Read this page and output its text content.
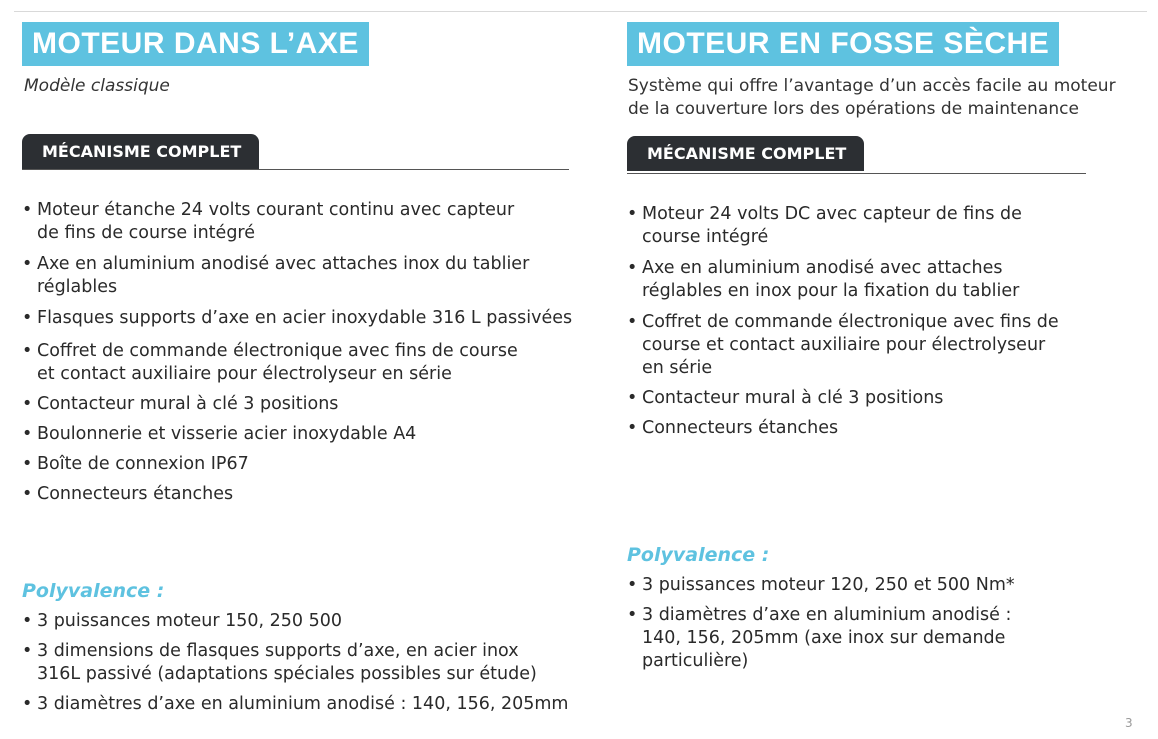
MOTEUR DANS L’AXE
Modèle classique
MÉCANISME COMPLET
• Moteur étanche 24 volts courant continu avec capteur
de fins de course intégré
• Axe en aluminium anodisé avec attaches inox du tablier
réglables
• Flasques supports d’axe en acier inoxydable 316 L passivées
• Coffret de commande électronique avec fins de course
et contact auxiliaire pour électrolyseur en série
• Contacteur mural à clé 3 positions
• Boulonnerie et visserie acier inoxydable A4
• Boîte de connexion IP67
• Connecteurs étanches
Polyvalence :
• 3 puissances moteur 150, 250 500
• 3 dimensions de flasques supports d’axe, en acier inox
316L passivé (adaptations spéciales possibles sur étude)
• 3 diamètres d’axe en aluminium anodisé : 140, 156, 205mm
MOTEUR EN FOSSE SÈCHE
Système qui offre l’avantage d’un accès facile au moteur
de la couverture lors des opérations de maintenance
MÉCANISME COMPLET
• Moteur 24 volts DC avec capteur de fins de
course intégré
• Axe en aluminium anodisé avec attaches
réglables en inox pour la fixation du tablier
• Coffret de commande électronique avec fins de
course et contact auxiliaire pour électrolyseur
en série
• Contacteur mural à clé 3 positions
• Connecteurs étanches
Polyvalence :
• 3 puissances moteur 120, 250 et 500 Nm*
• 3 diamètres d’axe en aluminium anodisé :
140, 156, 205mm (axe inox sur demande
particulière)
3
